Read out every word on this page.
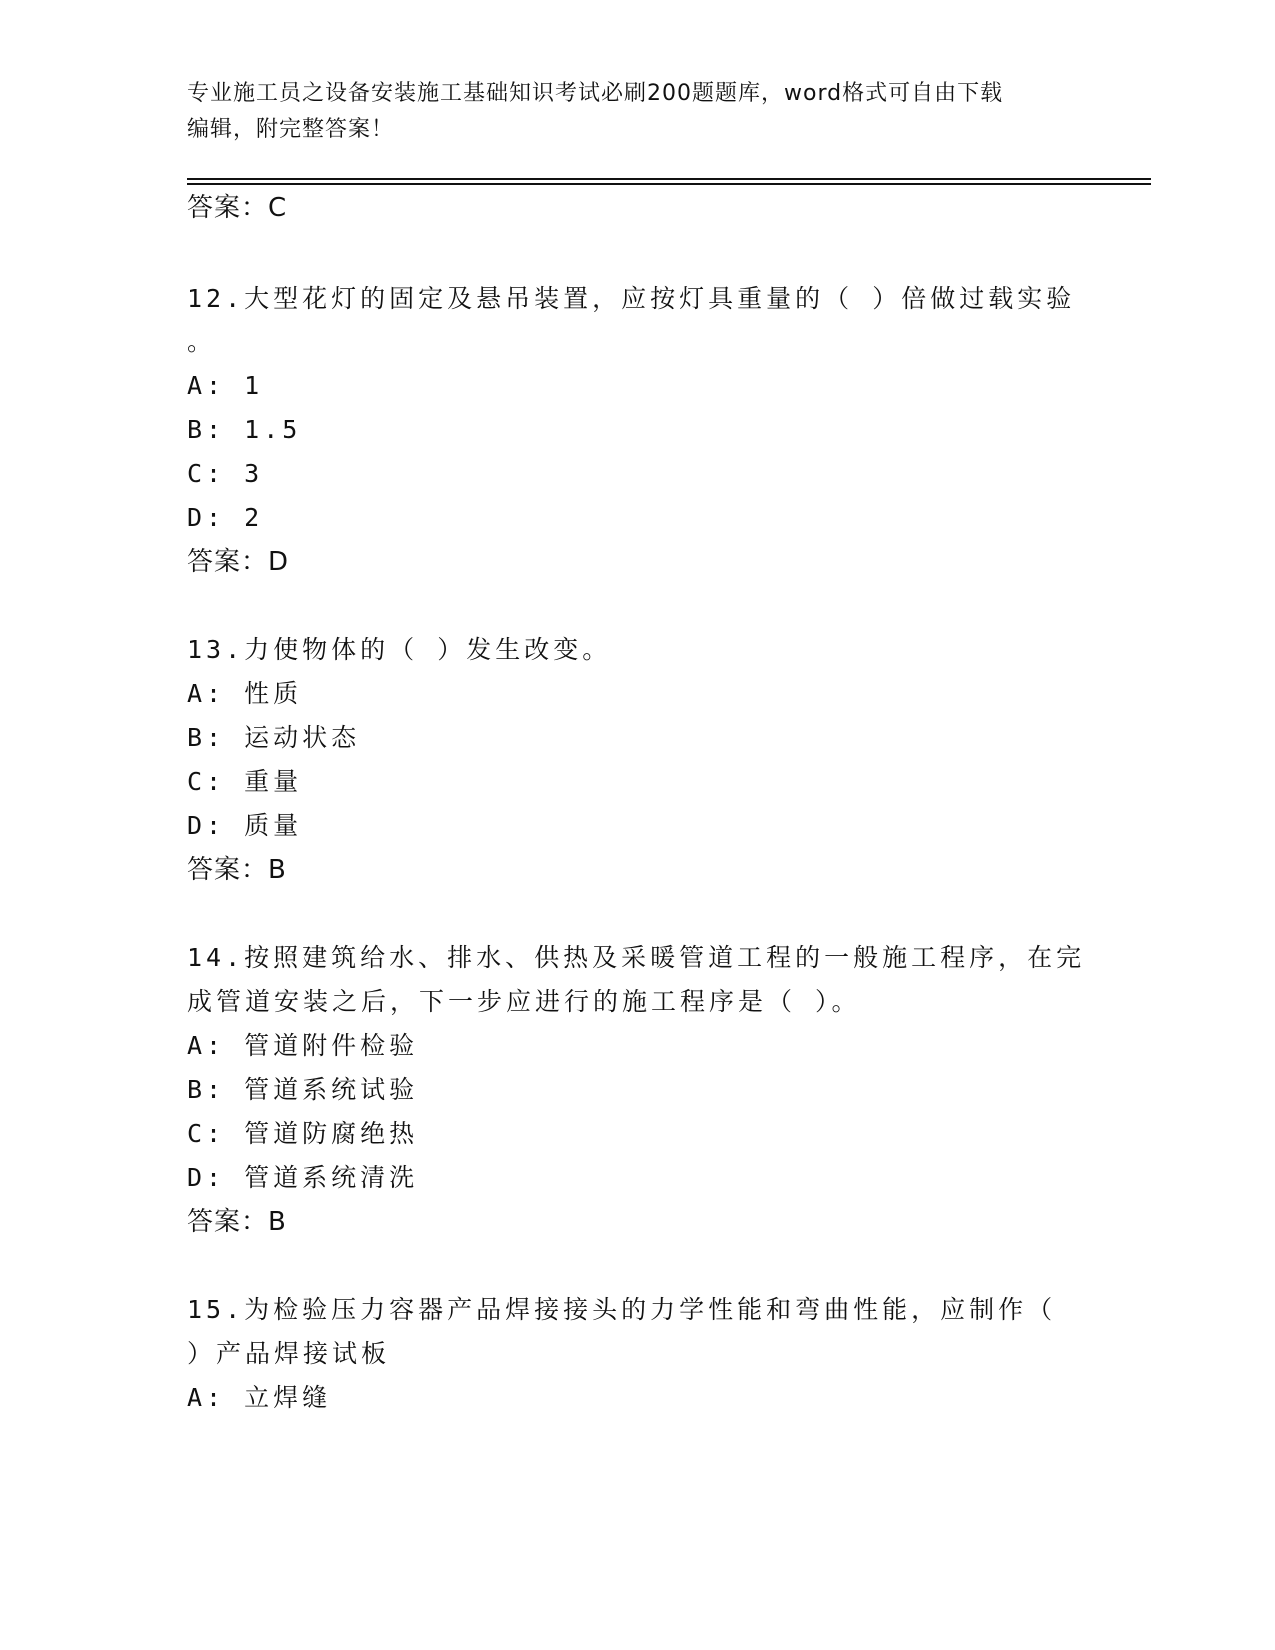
专业施工员之设备安装施工基础知识考试必刷200题题库，word格式可自由下载
编辑，附完整答案！
答案：C
12.大型花灯的固定及悬吊装置，应按灯具重量的（ ）倍做过载实验
。
A: 1
B: 1.5
C: 3
D: 2
答案：D
13.力使物体的（ ）发生改变。
A: 性质
B: 运动状态
C: 重量
D: 质量
答案：B
14.按照建筑给水、排水、供热及采暖管道工程的一般施工程序，在完
成管道安装之后，下一步应进行的施工程序是（ ）。
A: 管道附件检验
B: 管道系统试验
C: 管道防腐绝热
D: 管道系统清洗
答案：B
15.为检验压力容器产品焊接接头的力学性能和弯曲性能，应制作（
）产品焊接试板
A: 立焊缝
